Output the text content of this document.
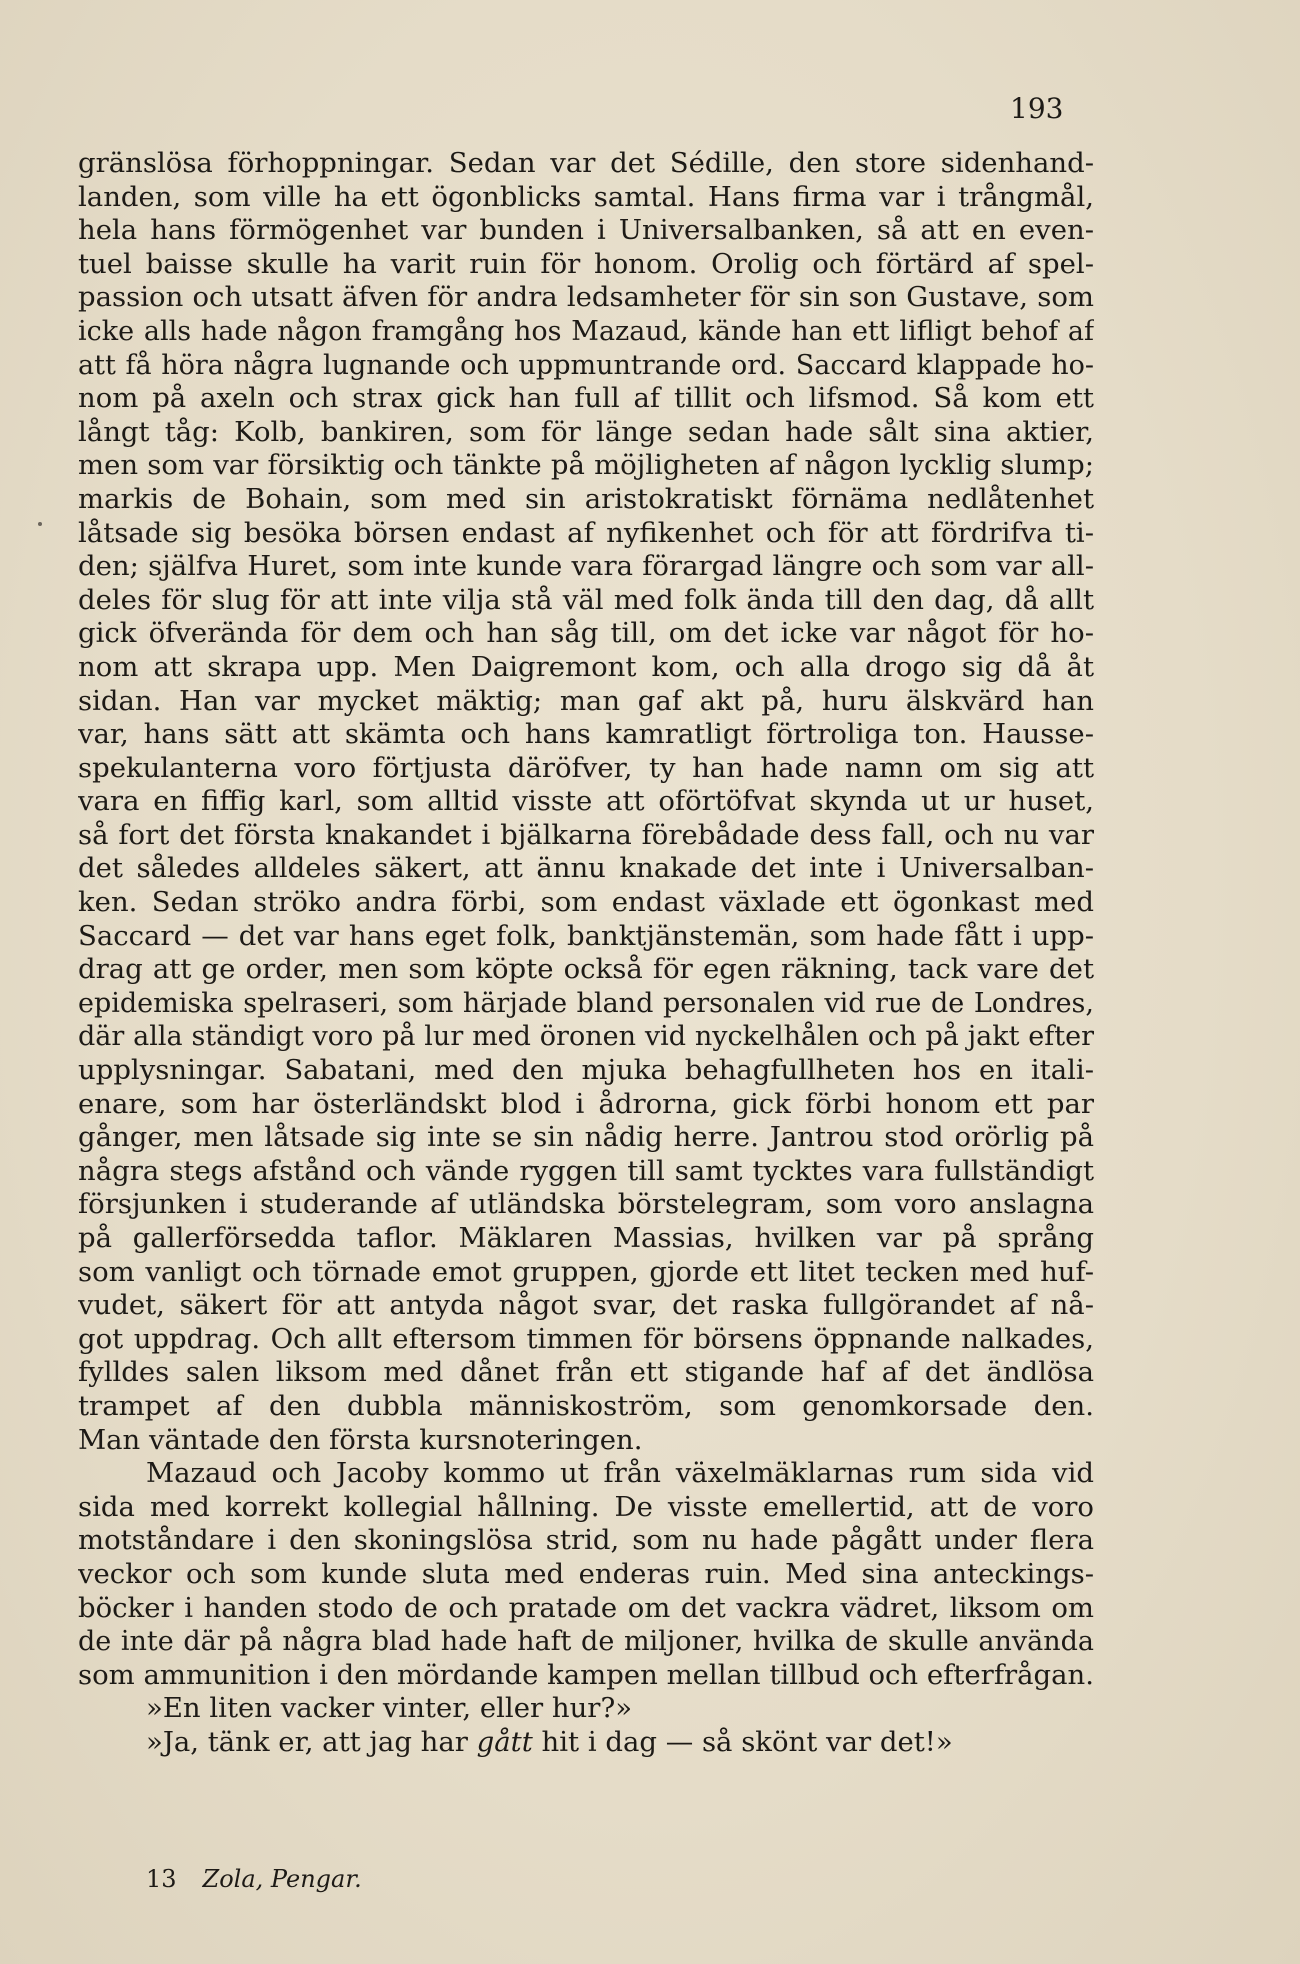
193
gränslösa förhoppningar. Sedan var det Sédille, den store sidenhand-
landen, som ville ha ett ögonblicks samtal. Hans firma var i trångmål,
hela hans förmögenhet var bunden i Universalbanken, så att en even-
tuel baisse skulle ha varit ruin för honom. Orolig och förtärd af spel-
passion och utsatt äfven för andra ledsamheter för sin son Gustave, som
icke alls hade någon framgång hos Mazaud, kände han ett lifligt behof af
att få höra några lugnande och uppmuntrande ord. Saccard klappade ho-
nom på axeln och strax gick han full af tillit och lifsmod. Så kom ett
långt tåg: Kolb, bankiren, som för länge sedan hade sålt sina aktier,
men som var försiktig och tänkte på möjligheten af någon lycklig slump;
markis de Bohain, som med sin aristokratiskt förnäma nedlåtenhet
låtsade sig besöka börsen endast af nyfikenhet och för att fördrifva ti-
den; själfva Huret, som inte kunde vara förargad längre och som var all-
deles för slug för att inte vilja stå väl med folk ända till den dag, då allt
gick öfverända för dem och han såg till, om det icke var något för ho-
nom att skrapa upp. Men Daigremont kom, och alla drogo sig då åt
sidan. Han var mycket mäktig; man gaf akt på, huru älskvärd han
var, hans sätt att skämta och hans kamratligt förtroliga ton. Hausse-
spekulanterna voro förtjusta däröfver, ty han hade namn om sig att
vara en fiffig karl, som alltid visste att oförtöfvat skynda ut ur huset,
så fort det första knakandet i bjälkarna förebådade dess fall, och nu var
det således alldeles säkert, att ännu knakade det inte i Universalban-
ken. Sedan ströko andra förbi, som endast växlade ett ögonkast med
Saccard — det var hans eget folk, banktjänstemän, som hade fått i upp-
drag att ge order, men som köpte också för egen räkning, tack vare det
epidemiska spelraseri, som härjade bland personalen vid rue de Londres,
där alla ständigt voro på lur med öronen vid nyckelhålen och på jakt efter
upplysningar. Sabatani, med den mjuka behagfullheten hos en itali-
enare, som har österländskt blod i ådrorna, gick förbi honom ett par
gånger, men låtsade sig inte se sin nådig herre. Jantrou stod orörlig på
några stegs afstånd och vände ryggen till samt tycktes vara fullständigt
försjunken i studerande af utländska börstelegram, som voro anslagna
på gallerförsedda taflor. Mäklaren Massias, hvilken var på språng
som vanligt och törnade emot gruppen, gjorde ett litet tecken med huf-
vudet, säkert för att antyda något svar, det raska fullgörandet af nå-
got uppdrag. Och allt eftersom timmen för börsens öppnande nalkades,
fylldes salen liksom med dånet från ett stigande haf af det ändlösa
trampet af den dubbla människoström, som genomkorsade den.
Man väntade den första kursnoteringen.
Mazaud och Jacoby kommo ut från växelmäklarnas rum sida vid
sida med korrekt kollegial hållning. De visste emellertid, att de voro
motståndare i den skoningslösa strid, som nu hade pågått under flera
veckor och som kunde sluta med enderas ruin. Med sina anteckings-
böcker i handen stodo de och pratade om det vackra vädret, liksom om
de inte där på några blad hade haft de miljoner, hvilka de skulle använda
som ammunition i den mördande kampen mellan tillbud och efterfrågan.
»En liten vacker vinter, eller hur?»
»Ja, tänk er, att jag har gått hit i dag — så skönt var det!»
13 Zola, Pengar.
